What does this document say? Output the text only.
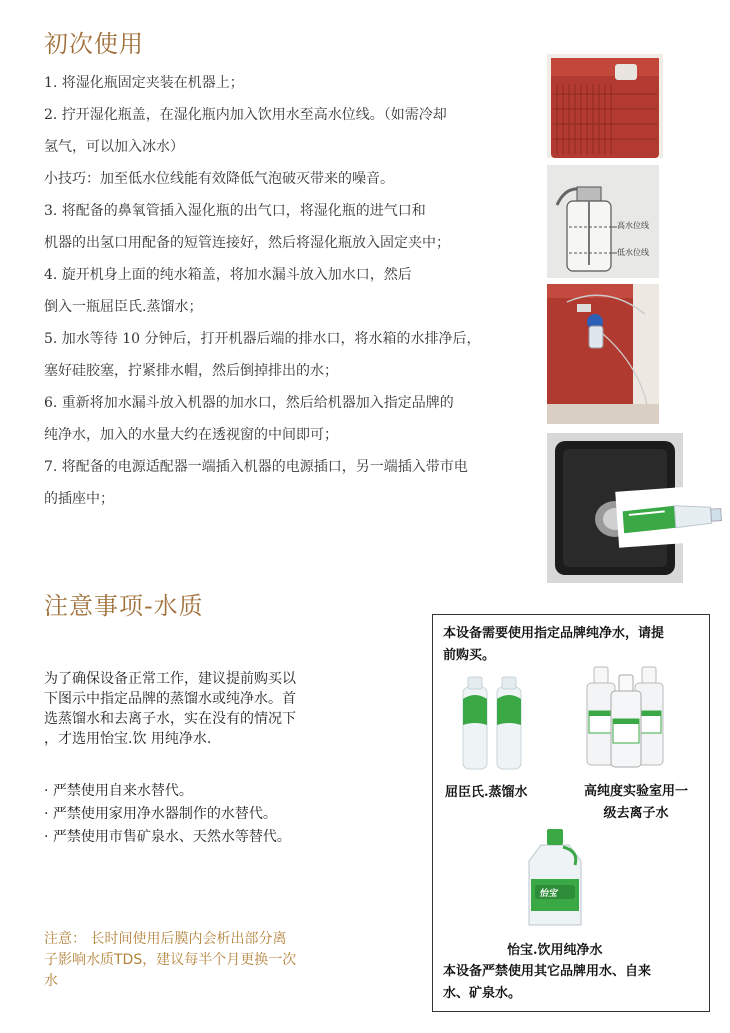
初次使用
1. 将湿化瓶固定夹装在机器上；
2. 拧开湿化瓶盖，在湿化瓶内加入饮用水至高水位线。（如需冷却
氢气，可以加入冰水）
小技巧：加至低水位线能有效降低气泡破灭带来的噪音。
3. 将配备的鼻氧管插入湿化瓶的出气口，将湿化瓶的进气口和
机器的出氢口用配备的短管连接好，然后将湿化瓶放入固定夹中；
4. 旋开机身上面的纯水箱盖，将加水漏斗放入加水口，然后
倒入一瓶屈臣氏.蒸馏水；
5. 加水等待 10 分钟后，打开机器后端的排水口，将水箱的水排净后，
塞好硅胶塞，拧紧排水帽，然后倒掉排出的水；
6. 重新将加水漏斗放入机器的加水口，然后给机器加入指定品牌的
纯净水，加入的水量大约在透视窗的中间即可；
7. 将配备的电源适配器一端插入机器的电源插口，另一端插入带市电
的插座中；
高水位线
低水位线
注意事项-水质
为了确保设备正常工作，建议提前购买以
下图示中指定品牌的蒸馏水或纯净水。首
选蒸馏水和去离子水，实在没有的情况下
，才选用怡宝.饮 用纯净水.
· 严禁使用自来水替代。
· 严禁使用家用净水器制作的水替代。
· 严禁使用市售矿泉水、天然水等替代。
注意： 长时间使用后膜内会析出部分离
子影响水质TDS，建议每半个月更换一次
水
本设备需要使用指定品牌纯净水，请提
前购买。
屈臣氏.蒸馏水	高纯度实验室用一
级去离子水
怡宝
怡宝.饮用纯净水
本设备严禁使用其它品牌用水、自来
水、矿泉水。
